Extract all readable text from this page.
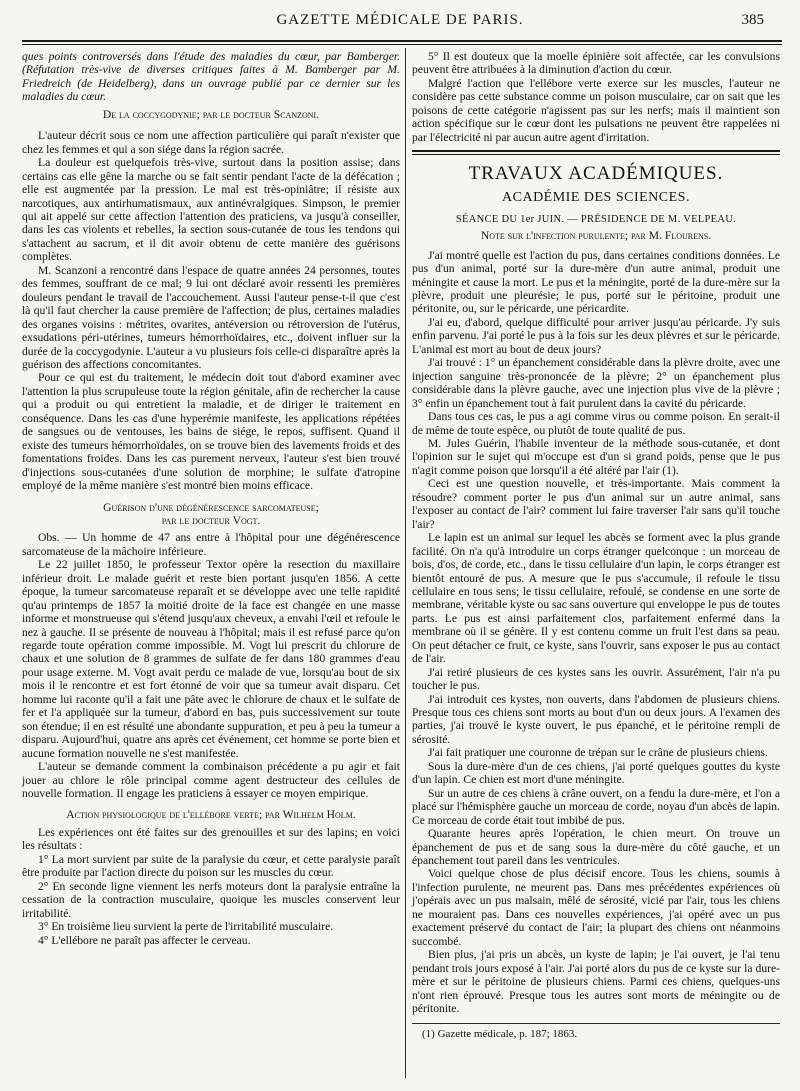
GAZETTE MÉDICALE DE PARIS.	385

ques points controversés dans l'étude des maladies du cœur, par Bamberger. (Réfutation très-vive de diverses critiques faites à M. Bamberger par M. Friedreich (de Heidelberg), dans un ouvrage publié par ce dernier sur les maladies du cœur.

De la coccygodynie; par le docteur Scanzoni.

L'auteur décrit sous ce nom une affection particulière qui paraît n'exister que chez les femmes et qui a son siége dans la région sacrée.

La douleur est quelquefois très-vive, surtout dans la position assise; dans certains cas elle gêne la marche ou se fait sentir pendant l'acte de la défécation ; elle est augmentée par la pression. Le mal est très-opiniâtre; il résiste aux narcotiques, aux antirhumatismaux, aux antinévralgiques. Simpson, le premier qui ait appelé sur cette affection l'attention des praticiens, va jusqu'à conseiller, dans les cas violents et rebelles, la section sous-cutanée de tous les tendons qui s'attachent au sacrum, et il dit avoir obtenu de cette manière des guérisons complètes.

M. Scanzoni a rencontré dans l'espace de quatre années 24 personnes, toutes des femmes, souffrant de ce mal; 9 lui ont déclaré avoir ressenti les premières douleurs pendant le travail de l'accouchement. Aussi l'auteur pense-t-il que c'est là qu'il faut chercher la cause première de l'affection; de plus, certaines maladies des organes voisins : métrites, ovarites, antéversion ou rétroversion de l'utérus, exsudations péri-utérines, tumeurs hémorrhoïdaires, etc., doivent influer sur la durée de la coccygodynie. L'auteur a vu plusieurs fois celle-ci disparaître après la guérison des affections concomitantes.

Pour ce qui est du traitement, le médecin doit tout d'abord examiner avec l'attention la plus scrupuleuse toute la région génitale, afin de rechercher la cause qui a produit ou qui entretient la maladie, et de diriger le traitement en conséquence. Dans les cas d'une hyperémie manifeste, les applications répétées de sangsues ou de ventouses, les bains de siége, le repos, suffisent. Quand il existe des tumeurs hémorrhoïdales, on se trouve bien des lavements froids et des fomentations froides. Dans les cas purement nerveux, l'auteur s'est bien trouvé d'injections sous-cutanées d'une solution de morphine; le sulfate d'atropine employé de la même manière s'est montré bien moins efficace.

Guérison d'une dégénérescence sarcomateuse;

par le docteur Vogt.

Obs. — Un homme de 47 ans entre à l'hôpital pour une dégénérescence sarcomateuse de la mâchoire inférieure.

Le 22 juillet 1850, le professeur Textor opère la resection du maxillaire inférieur droit. Le malade guérit et reste bien portant jusqu'en 1856. A cette époque, la tumeur sarcomateuse reparaît et se développe avec une telle rapidité qu'au printemps de 1857 la moitié droite de la face est changée en une masse informe et monstrueuse qui s'étend jusqu'aux cheveux, a envahi l'œil et refoule le nez à gauche. Il se présente de nouveau à l'hôpital; mais il est refusé parce qu'on regarde toute opération comme impossible. M. Vogt lui prescrit du chlorure de chaux et une solution de 8 grammes de sulfate de fer dans 180 grammes d'eau pour usage externe. M. Vogt avait perdu ce malade de vue, lorsqu'au bout de six mois il le rencontre et est fort étonné de voir que sa tumeur avait disparu. Cet homme lui raconte qu'il a fait une pâte avec le chlorure de chaux et le sulfate de fer et l'a appliquée sur la tumeur, d'abord en bas, puis successivement sur toute son étendue; il en est résulté une abondante suppuration, et peu à peu la tumeur a disparu. Aujourd'hui, quatre ans après cet événement, cet homme se porte bien et aucune formation nouvelle ne s'est manifestée.

L'auteur se demande comment la combinaison précédente a pu agir et fait jouer au chlore le rôle principal comme agent destructeur des cellules de nouvelle formation. Il engage les praticiens à essayer ce moyen empirique.

Action physiologique de l'ellébore verte; par Wilhelm Holm.

Les expériences ont été faites sur des grenouilles et sur des lapins; en voici les résultats :

1° La mort survient par suite de la paralysie du cœur, et cette paralysie paraît être produite par l'action directe du poison sur les muscles du cœur.

2° En seconde ligne viennent les nerfs moteurs dont la paralysie entraîne la cessation de la contraction musculaire, quoique les muscles conservent leur irritabilité.

3° En troisième lieu survient la perte de l'irritabilité musculaire.

4° L'ellébore ne paraît pas affecter le cerveau.

5° Il est douteux que la moelle épinière soit affectée, car les convulsions peuvent être attribuées à la diminution d'action du cœur.

Malgré l'action que l'ellébore verte exerce sur les muscles, l'auteur ne considère pas cette substance comme un poison musculaire, car on sait que les poisons de cette catégorie n'agissent pas sur les nerfs; mais il maintient son action spécifique sur le cœur dont les pulsations ne peuvent être rappelées ni par l'électricité ni par aucun autre agent d'irritation.

TRAVAUX ACADÉMIQUES.

ACADÉMIE DES SCIENCES.

SÉANCE DU 1er JUIN. — PRÉSIDENCE DE M. VELPEAU.

Note sur l'infection purulente; par M. Flourens.

J'ai montré quelle est l'action du pus, dans certaines conditions données. Le pus d'un animal, porté sur la dure-mère d'un autre animal, produit une méningite et cause la mort. Le pus et la méningite, porté de la dure-mère sur la plèvre, produit une pleurésie; le pus, porté sur le péritoine, produit une péritonite, ou, sur le péricarde, une péricardite.

J'ai eu, d'abord, quelque difficulté pour arriver jusqu'au péricarde. J'y suis enfin parvenu. J'ai porté le pus à la fois sur les deux plèvres et sur le péricarde. L'animal est mort au bout de deux jours?

J'ai trouvé : 1° un épanchement considérable dans la plèvre droite, avec une injection sanguine très-prononcée de la plèvre; 2° un épanchement plus considérable dans la plèvre gauche, avec une injection plus vive de la plèvre ; 3° enfin un épanchement tout à fait purulent dans la cavité du péricarde.

Dans tous ces cas, le pus a agi comme virus ou comme poison. En serait-il de même de toute espèce, ou plutôt de toute qualité de pus.

M. Jules Guérin, l'habile inventeur de la méthode sous-cutanée, et dont l'opinion sur le sujet qui m'occupe est d'un si grand poids, pense que le pus n'agit comme poison que lorsqu'il a été altéré par l'air (1).

Ceci est une question nouvelle, et très-importante. Mais comment la résoudre? comment porter le pus d'un animal sur un autre animal, sans l'exposer au contact de l'air? comment lui faire traverser l'air sans qu'il touche l'air?

Le lapin est un animal sur lequel les abcès se forment avec la plus grande facilité. On n'a qu'à introduire un corps étranger quelconque : un morceau de bois, d'os, de corde, etc., dans le tissu cellulaire d'un lapin, le corps étranger est bientôt entouré de pus. A mesure que le pus s'accumule, il refoule le tissu cellulaire en tous sens; le tissu cellulaire, refoulé, se condense en une sorte de membrane, véritable kyste ou sac sans ouverture qui enveloppe le pus de toutes parts. Le pus est ainsi parfaitement clos, parfaitement enfermé dans la membrane où il se génère. Il y est contenu comme un fruit l'est dans sa peau. On peut détacher ce fruit, ce kyste, sans l'ouvrir, sans exposer le pus au contact de l'air.

J'ai retiré plusieurs de ces kystes sans les ouvrir. Assurément, l'air n'a pu toucher le pus.

J'ai introduit ces kystes, non ouverts, dans l'abdomen de plusieurs chiens. Presque tous ces chiens sont morts au bout d'un ou deux jours. A l'examen des parties, j'ai trouvé le kyste ouvert, le pus épanché, et le péritoine rempli de sérosité.

J'ai fait pratiquer une couronne de trépan sur le crâne de plusieurs chiens.

Sous la dure-mère d'un de ces chiens, j'ai porté quelques gouttes du kyste d'un lapin. Ce chien est mort d'une méningite.

Sur un autre de ces chiens à crâne ouvert, on a fendu la dure-mère, et l'on a placé sur l'hémisphère gauche un morceau de corde, noyau d'un abcès de lapin. Ce morceau de corde était tout imbibé de pus.

Quarante heures après l'opération, le chien meurt. On trouve un épanchement de pus et de sang sous la dure-mère du côté gauche, et un épanchement tout pareil dans les ventricules.

Voici quelque chose de plus décisif encore. Tous les chiens, soumis à l'infection purulente, ne meurent pas. Dans mes précédentes expériences où j'opérais avec un pus malsain, mêlé de sérosité, vicié par l'air, tous les chiens ne mouraient pas. Dans ces nouvelles expériences, j'ai opéré avec un pus exactement préservé du contact de l'air; la plupart des chiens ont néanmoins succombé.

Bien plus, j'ai pris un abcès, un kyste de lapin; je l'ai ouvert, je l'ai tenu pendant trois jours exposé à l'air. J'ai porté alors du pus de ce kyste sur la dure-mère et sur le péritoine de plusieurs chiens. Parmi ces chiens, quelques-uns n'ont rien éprouvé. Presque tous les autres sont morts de méningite ou de péritonite.

(1) Gazette médicale, p. 187; 1863.
